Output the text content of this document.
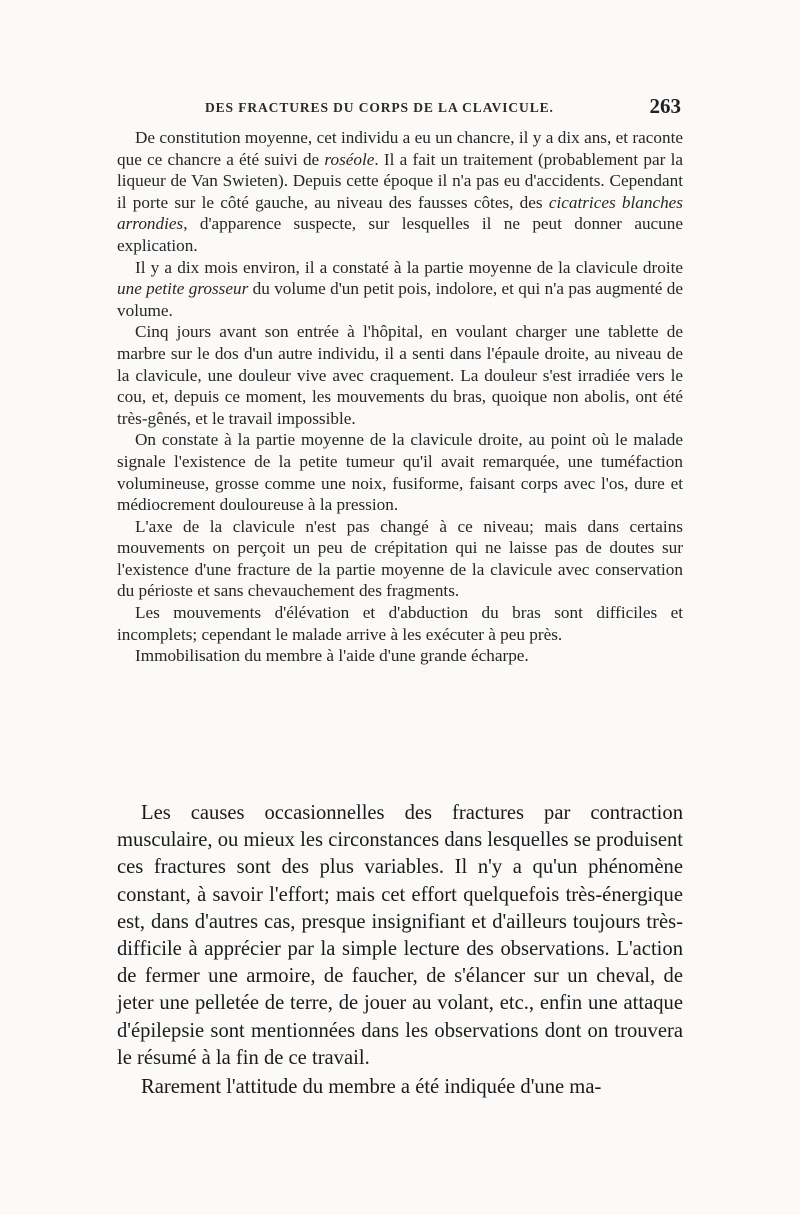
DES FRACTURES DU CORPS DE LA CLAVICULE.	263

De constitution moyenne, cet individu a eu un chancre, il y a dix ans, et raconte que ce chancre a été suivi de roséole. Il a fait un traitement (probablement par la liqueur de Van Swieten). Depuis cette époque il n'a pas eu d'accidents. Cependant il porte sur le côté gauche, au niveau des fausses côtes, des cicatrices blanches arrondies, d'apparence suspecte, sur lesquelles il ne peut donner aucune explication.

Il y a dix mois environ, il a constaté à la partie moyenne de la clavicule droite une petite grosseur du volume d'un petit pois, indolore, et qui n'a pas augmenté de volume.

Cinq jours avant son entrée à l'hôpital, en voulant charger une tablette de marbre sur le dos d'un autre individu, il a senti dans l'épaule droite, au niveau de la clavicule, une douleur vive avec craquement. La douleur s'est irradiée vers le cou, et, depuis ce moment, les mouvements du bras, quoique non abolis, ont été très-gênés, et le travail impossible.

On constate à la partie moyenne de la clavicule droite, au point où le malade signale l'existence de la petite tumeur qu'il avait remarquée, une tuméfaction volumineuse, grosse comme une noix, fusiforme, faisant corps avec l'os, dure et médiocrement douloureuse à la pression.

L'axe de la clavicule n'est pas changé à ce niveau; mais dans certains mouvements on perçoit un peu de crépitation qui ne laisse pas de doutes sur l'existence d'une fracture de la partie moyenne de la clavicule avec conservation du périoste et sans chevauchement des fragments.

Les mouvements d'élévation et d'abduction du bras sont difficiles et incomplets; cependant le malade arrive à les exécuter à peu près.

Immobilisation du membre à l'aide d'une grande écharpe.

Les causes occasionnelles des fractures par contraction musculaire, ou mieux les circonstances dans lesquelles se produisent ces fractures sont des plus variables. Il n'y a qu'un phénomène constant, à savoir l'effort; mais cet effort quelquefois très-énergique est, dans d'autres cas, presque insignifiant et d'ailleurs toujours très-difficile à apprécier par la simple lecture des observations. L'action de fermer une armoire, de faucher, de s'élancer sur un cheval, de jeter une pelletée de terre, de jouer au volant, etc., enfin une attaque d'épilepsie sont mentionnées dans les observations dont on trouvera le résumé à la fin de ce travail.

Rarement l'attitude du membre a été indiquée d'une ma-
